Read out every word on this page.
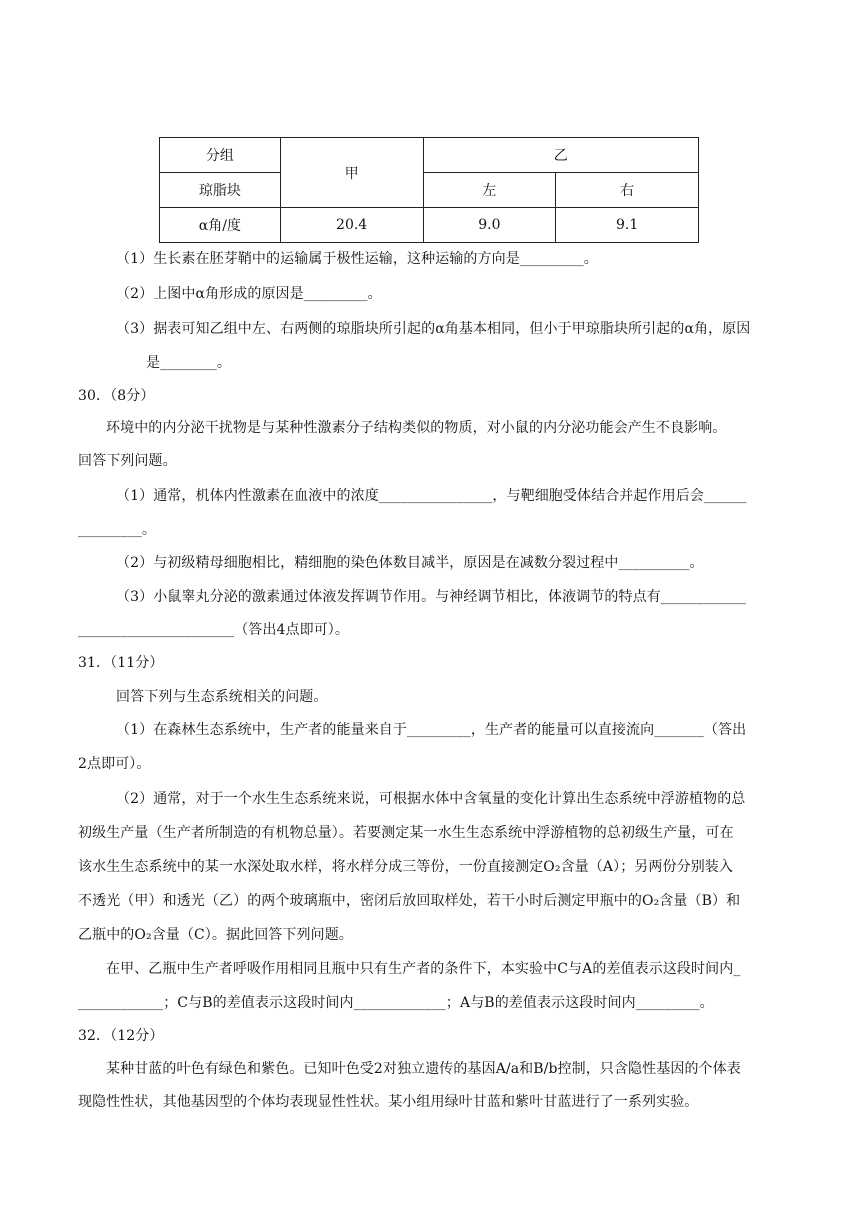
分组	甲	乙	
琼脂块		左	右
α角/度	20.4	9.0	9.1
（1）生长素在胚芽鞘中的运输属于极性运输，这种运输的方向是_________。
（2）上图中α角形成的原因是_________。
（3）据表可知乙组中左、右两侧的琼脂块所引起的α角基本相同，但小于甲琼脂块所引起的α角，原因
是________。
30．（8分）
环境中的内分泌干扰物是与某种性激素分子结构类似的物质，对小鼠的内分泌功能会产生不良影响。
回答下列问题。
（1）通常，机体内性激素在血液中的浓度________________，与靶细胞受体结合并起作用后会______
_________。
（2）与初级精母细胞相比，精细胞的染色体数目减半，原因是在减数分裂过程中__________。
（3）小鼠睾丸分泌的激素通过体液发挥调节作用。与神经调节相比，体液调节的特点有____________
______________________（答出4点即可）。
31．（11分）
回答下列与生态系统相关的问题。
（1）在森林生态系统中，生产者的能量来自于_________，生产者的能量可以直接流向_______（答出
2点即可）。
（2）通常，对于一个水生生态系统来说，可根据水体中含氧量的变化计算出生态系统中浮游植物的总
初级生产量（生产者所制造的有机物总量）。若要测定某一水生生态系统中浮游植物的总初级生产量，可在
该水生生态系统中的某一水深处取水样，将水样分成三等份，一份直接测定O₂含量（A）；另两份分别装入
不透光（甲）和透光（乙）的两个玻璃瓶中，密闭后放回取样处，若干小时后测定甲瓶中的O₂含量（B）和
乙瓶中的O₂含量（C）。据此回答下列问题。
在甲、乙瓶中生产者呼吸作用相同且瓶中只有生产者的条件下，本实验中C与A的差值表示这段时间内_
____________；C与B的差值表示这段时间内_____________；A与B的差值表示这段时间内_________。
32．（12分）
某种甘蓝的叶色有绿色和紫色。已知叶色受2对独立遗传的基因A/a和B/b控制，只含隐性基因的个体表
现隐性性状，其他基因型的个体均表现显性性状。某小组用绿叶甘蓝和紫叶甘蓝进行了一系列实验。
